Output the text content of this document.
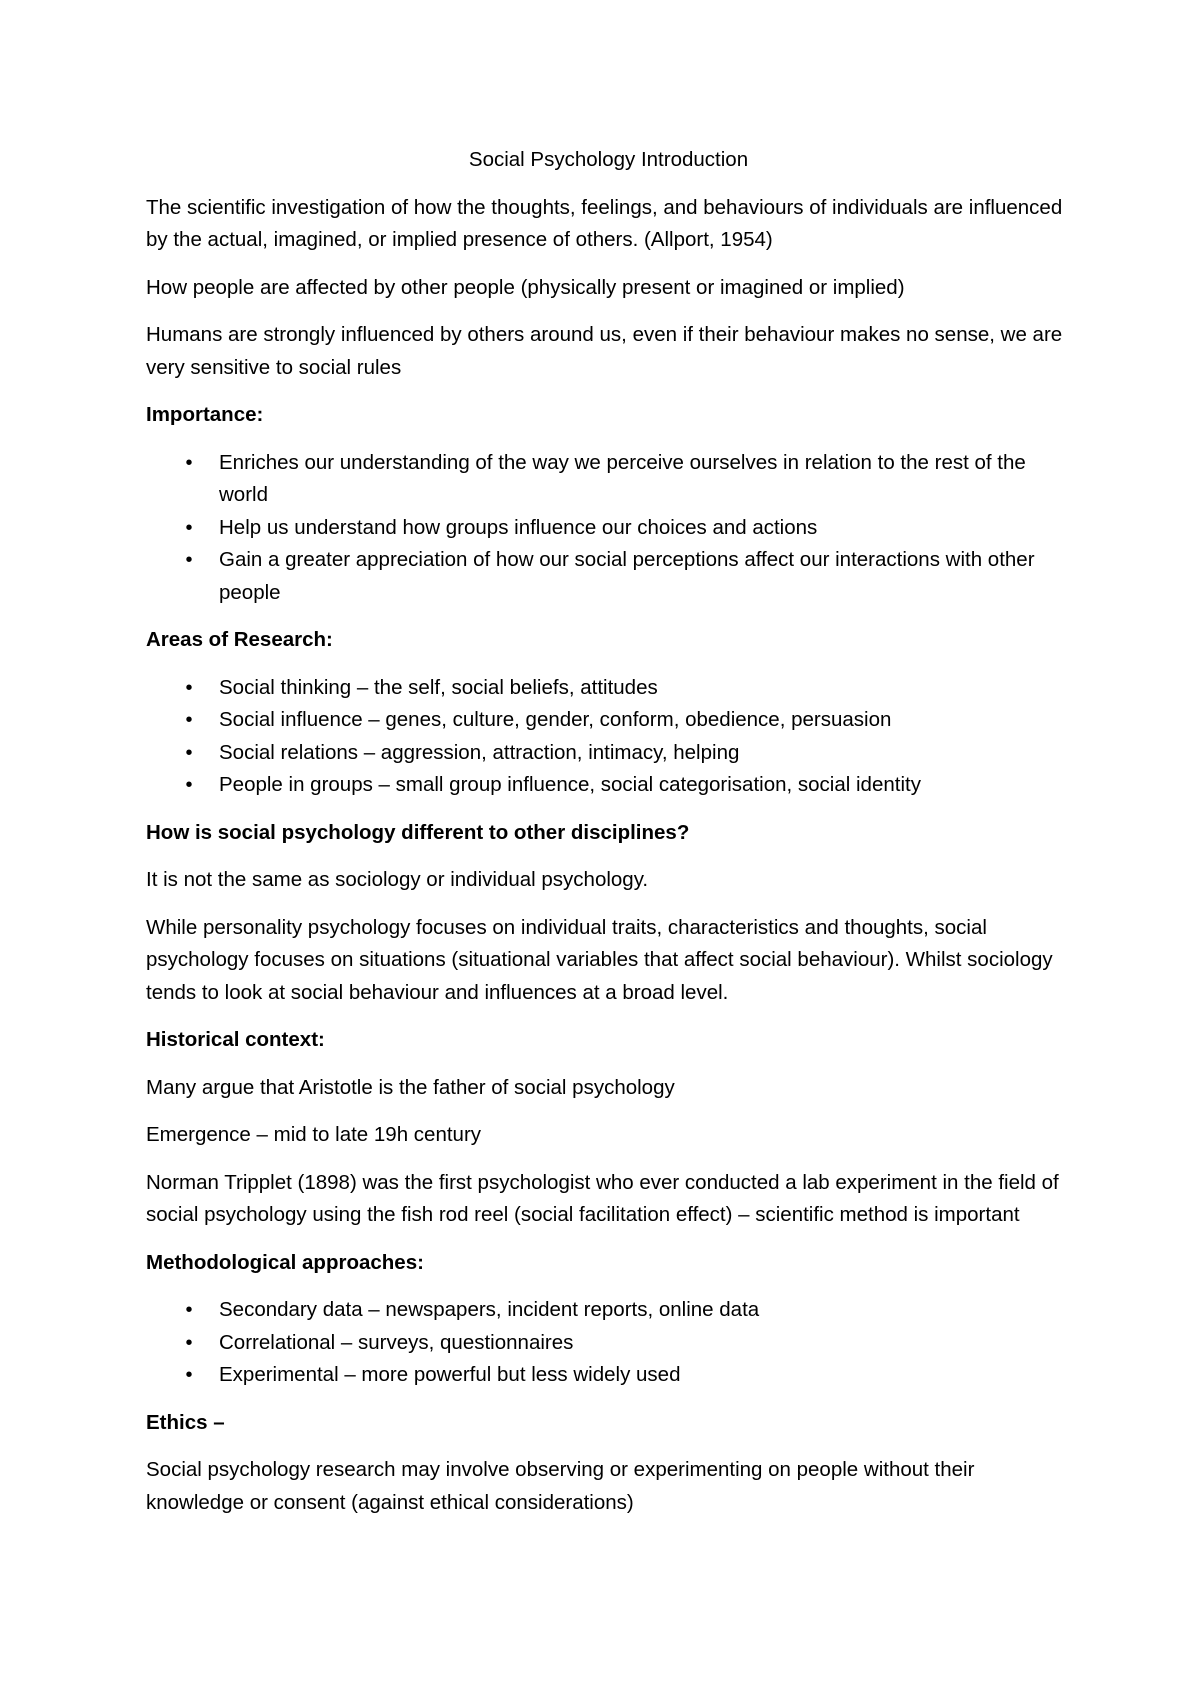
Social Psychology Introduction

The scientific investigation of how the thoughts, feelings, and behaviours of individuals are influenced by the actual, imagined, or implied presence of others. (Allport, 1954)

How people are affected by other people (physically present or imagined or implied)

Humans are strongly influenced by others around us, even if their behaviour makes no sense, we are very sensitive to social rules

Importance:
• Enriches our understanding of the way we perceive ourselves in relation to the rest of the world
• Help us understand how groups influence our choices and actions
• Gain a greater appreciation of how our social perceptions affect our interactions with other people
Areas of Research:
• Social thinking – the self, social beliefs, attitudes
• Social influence – genes, culture, gender, conform, obedience, persuasion
• Social relations – aggression, attraction, intimacy, helping
• People in groups – small group influence, social categorisation, social identity
How is social psychology different to other disciplines?

It is not the same as sociology or individual psychology.

While personality psychology focuses on individual traits, characteristics and thoughts, social psychology focuses on situations (situational variables that affect social behaviour). Whilst sociology tends to look at social behaviour and influences at a broad level.

Historical context:

Many argue that Aristotle is the father of social psychology

Emergence – mid to late 19h century

Norman Tripplet (1898) was the first psychologist who ever conducted a lab experiment in the field of social psychology using the fish rod reel (social facilitation effect) – scientific method is important

Methodological approaches:
• Secondary data – newspapers, incident reports, online data
• Correlational – surveys, questionnaires
• Experimental – more powerful but less widely used
Ethics –

Social psychology research may involve observing or experimenting on people without their knowledge or consent (against ethical considerations)
